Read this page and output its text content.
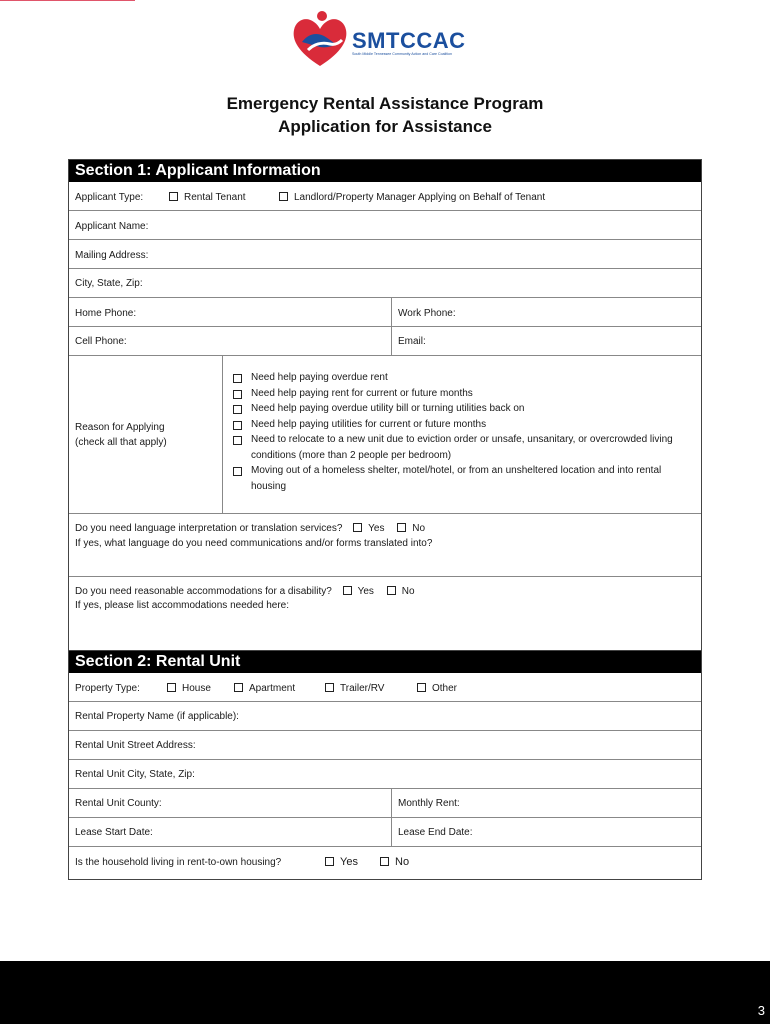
SMTCCAC
South Middle Tennessee Community Action and Care Coalition
Emergency Rental Assistance Program
Application for Assistance
Section 1: Applicant Information
Applicant Type:	Rental Tenant	Landlord/Property Manager Applying on Behalf of Tenant
Applicant Name:
Mailing Address:
City, State, Zip:
Home Phone:	Work Phone:
Cell Phone:	Email:
Reason for Applying
(check all that apply)
Need help paying overdue rent
Need help paying rent for current or future months
Need help paying overdue utility bill or turning utilities back on
Need help paying utilities for current or future months
Need to relocate to a new unit due to eviction order or unsafe, unsanitary, or overcrowded living conditions (more than 2 people per bedroom)
Moving out of a homeless shelter, motel/hotel, or from an unsheltered location and into rental housing
Do you need language interpretation or translation services?	Yes	No
If yes, what language do you need communications and/or forms translated into?
Do you need reasonable accommodations for a disability?	Yes	No
If yes, please list accommodations needed here:
Section 2: Rental Unit
Property Type:	House	Apartment	Trailer/RV	Other
Rental Property Name (if applicable):
Rental Unit Street Address:
Rental Unit City, State, Zip:
Rental Unit County:	Monthly Rent:
Lease Start Date:	Lease End Date:
Is the household living in rent-to-own housing?	Yes	No
3
